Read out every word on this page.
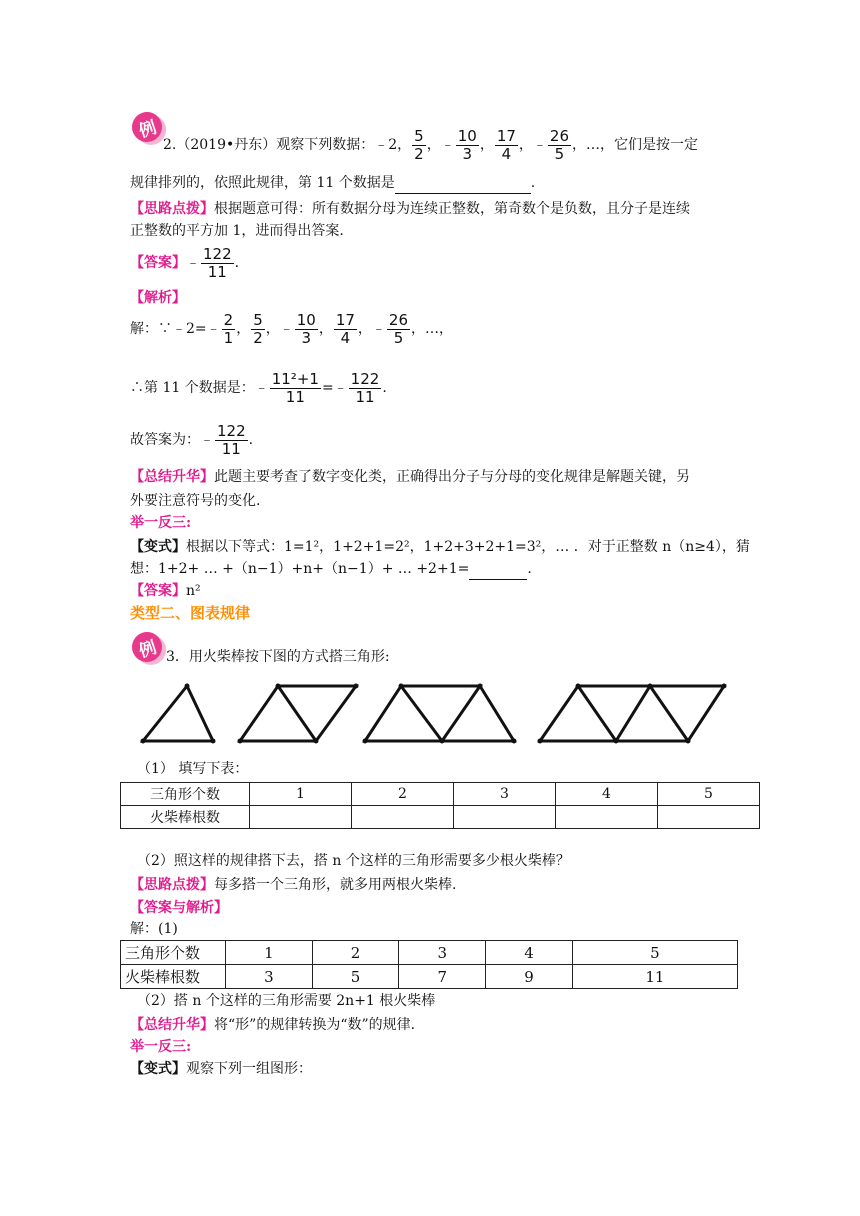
例
2.（2019•丹东）观察下列数据：﹣2， $\frac{5}{2}$ ，﹣ $\frac{10}{3}$ ， $\frac{17}{4}$ ，﹣ $\frac{26}{5}$ ，…，它们是按一定
规律排列的，依照此规律，第 11 个数据是	.
【思路点拨】根据题意可得：所有数据分母为连续正整数，第奇数个是负数，且分子是连续
正整数的平方加 1，进而得出答案.
【答案】﹣ $\frac{122}{11}$ .
【解析】
解：∵﹣2=﹣ $\frac{2}{1}$ ， $\frac{5}{2}$ ，﹣ $\frac{10}{3}$ ， $\frac{17}{4}$ ，﹣ $\frac{26}{5}$ ，…，
∴第 11 个数据是：﹣ $\frac{\text{11²+1}}{11}$ =﹣ $\frac{122}{11}$ .
故答案为：﹣ $\frac{122}{11}$ .
【总结升华】此题主要考查了数字变化类，正确得出分子与分母的变化规律是解题关键，另
外要注意符号的变化.
举一反三:
【变式】根据以下等式：1=1²，1+2+1=2²，1+2+3+2+1=3²，… ．对于正整数 n（n≥4），猜
想：1+2+ … +（n−1）+n+（n−1）+ … +2+1=	.
【答案】n²
类型二、图表规律
例 3．用火柴棒按下图的方式搭三角形:
（1） 填写下表：
三角形个数	1	2	3	4	5
火柴棒根数					
（2）照这样的规律搭下去，搭 n 个这样的三角形需要多少根火柴棒？
【思路点拨】每多搭一个三角形，就多用两根火柴棒.
【答案与解析】
解：(1)
三角形个数	1	2	3	4	5
火柴棒根数	3	5	7	9	11
（2）搭 n 个这样的三角形需要 2n+1 根火柴棒
【总结升华】将“形”的规律转换为“数”的规律.
举一反三:
【变式】观察下列一组图形：
